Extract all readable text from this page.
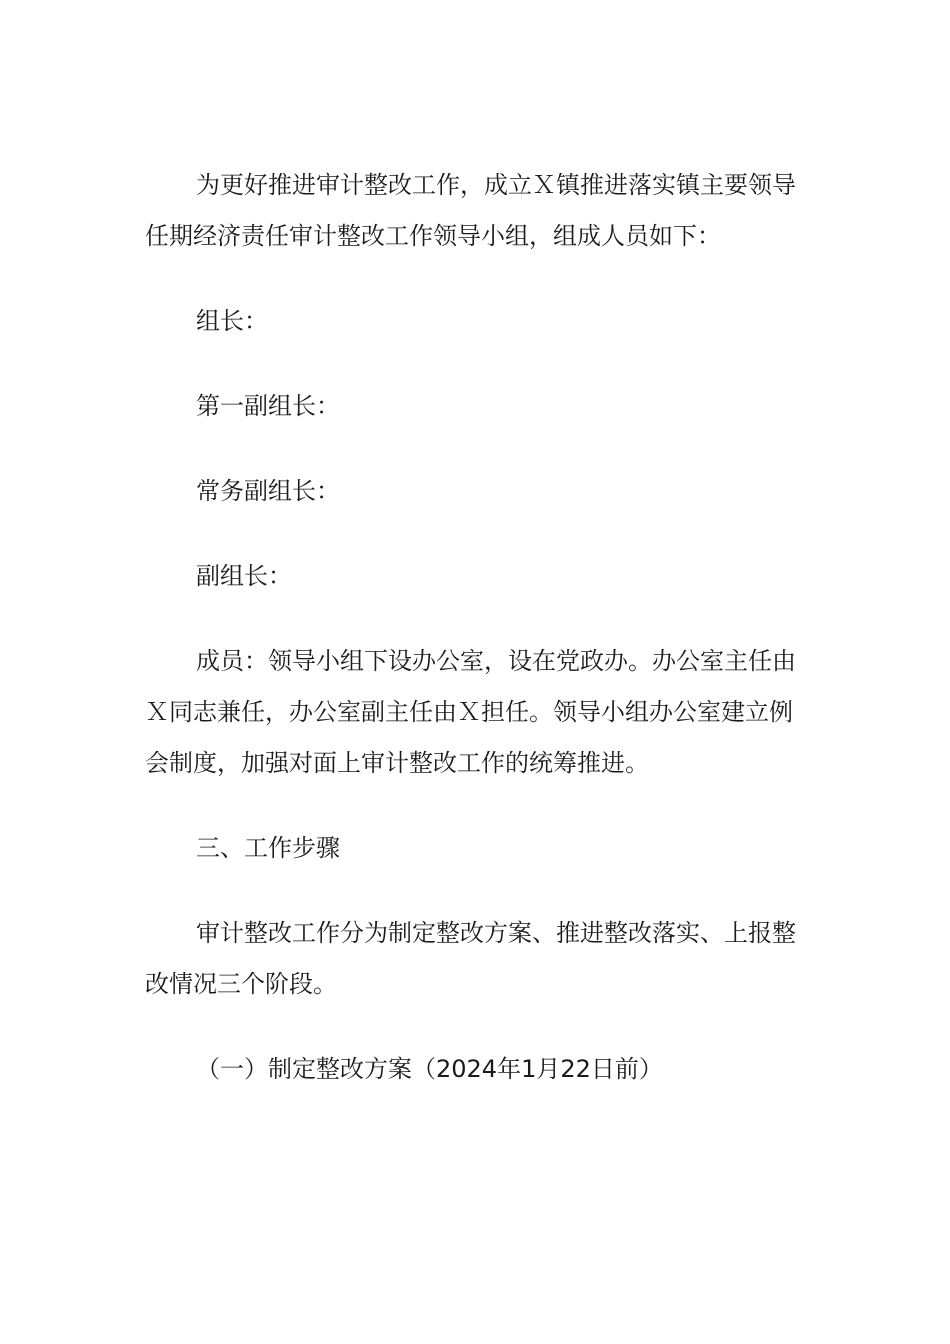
为更好推进审计整改工作，成立Ｘ镇推进落实镇主要领导任期经济责任审计整改工作领导小组，组成人员如下：

组长：

第一副组长：

常务副组长：

副组长：

成员：领导小组下设办公室，设在党政办。办公室主任由Ｘ同志兼任，办公室副主任由Ｘ担任。领导小组办公室建立例会制度，加强对面上审计整改工作的统筹推进。

三、工作步骤

审计整改工作分为制定整改方案、推进整改落实、上报整改情况三个阶段。

（一）制定整改方案（2024年1月22日前）
